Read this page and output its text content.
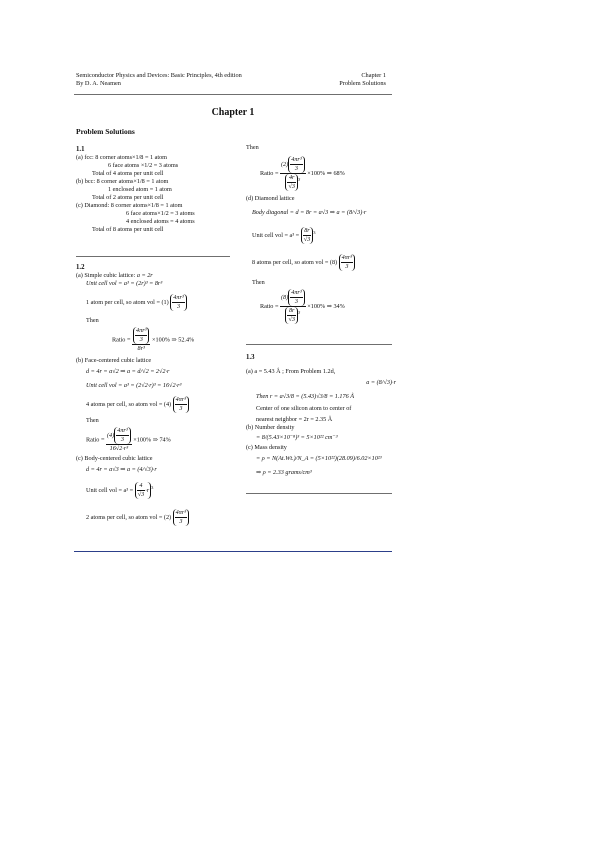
Semiconductor Physics and Devices: Basic Principles, 4th edition
By D. A. Neamen
Chapter 1
Problem Solutions
Chapter 1
Problem Solutions
1.1
(a) fcc: 8 corner atoms×1/8 = 1 atom
6 face atoms ×1/2 = 3 atoms
Total of 4 atoms per unit cell
(b) bcc: 8 corner atoms×1/8 = 1 atom
1 enclosed atom = 1 atom
Total of 2 atoms per unit cell
(c) Diamond: 8 corner atoms×1/8 = 1 atom
6 face atoms×1/2 = 3 atoms
4 enclosed atoms = 4 atoms
Total of 8 atoms per unit cell
1.2
(a) Simple cubic lattice: a = 2r
Unit cell vol = a³ = (2r)³ = 8r³
1 atom per cell, so atom vol = $(1) \frac{\text{4πr³}}{3}$
Then
Ratio = $\frac{\frac{\text{4πr³}}{3}}{\text{8r³}} \times 100\%$ ⇒ 52.4%
(b) Face-centered cubic lattice
d = 4r = a√2 ⇒ a = d/√2 = 2√2·r
Unit cell vol = a³ = (2√2·r)³ = 16√2·r³
4 atoms per cell, so atom vol = $(4) \frac{\text{4πr³}}{3}$
Then
Ratio = $\frac{(4) \frac{\text{4πr³}}{3}}{\text{16√2·r³}} \times 100\%$ ⇒ 74%
(c) Body-centered cubic lattice
d = 4r = a√3 ⇒ a = (4/√3)·r
Unit cell vol = $a^3 = \frac{4}{√3} \cdot r$ $^3$
2 atoms per cell, so atom vol = $(2) \frac{\text{4πr³}}{3}$
Then
Ratio = $\frac{(2) \frac{\text{4πr³}}{3}}{\frac{4r}{√3} ^3} \times 100\%$ ⇒ 68%
(d) Diamond lattice
Body diagonal = d = 8r = a√3 ⇒ a = (8/√3)·r
Unit cell vol = $a^3 = \frac{8r}{√3} ^3$
8 atoms per cell, so atom vol = $(8) \frac{\text{4πr³}}{3}$
Then
Ratio = $\frac{(8) \frac{\text{4πr³}}{3}}{\frac{8r}{√3} ^3} \times 100\%$ ⇒ 34%
1.3
(a) a = 5.43 Å ; From Problem 1.2d,
a = (8/√3)·r
Then r = a√3/8 = (5.43)√3/8 = 1.176 Å
Center of one silicon atom to center of
nearest neighbor = 2r = 2.35 Å
(b) Number density
= 8/(5.43×10⁻⁸)³ = 5×10²² cm⁻³
(c) Mass density
= ρ = N(At.Wt.)/N_A = (5×10²²)(28.09)/6.02×10²³
⇒ ρ = 2.33 grams/cm³
